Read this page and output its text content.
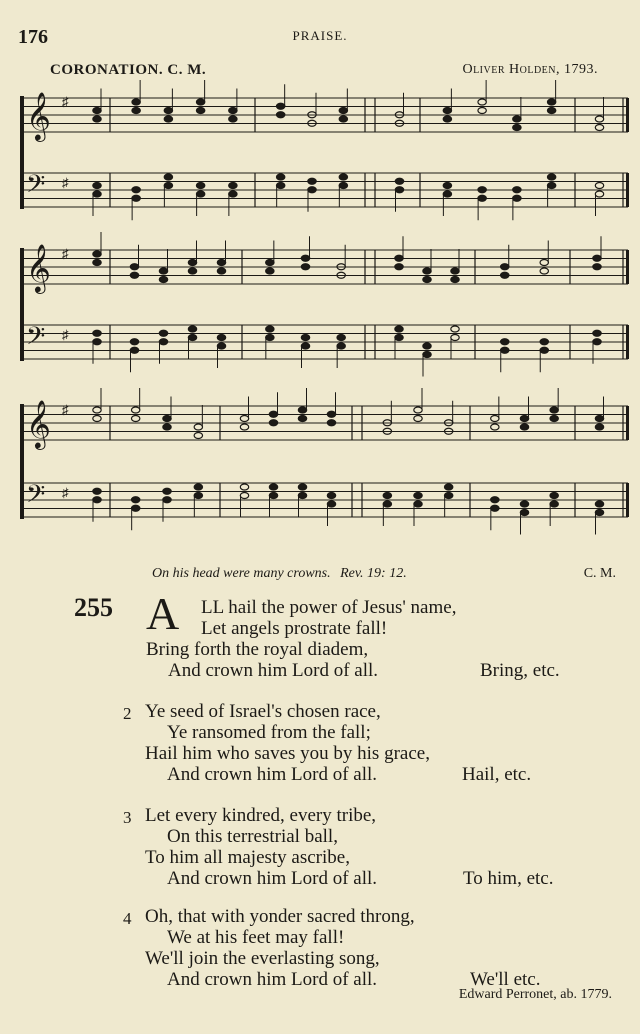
176	PRAISE.
CORONATION. C. M.	Oliver Holden, 1793.
𝄞 ♯
𝄢 ♯
𝄞 ♯
𝄢 ♯
𝄞 ♯
𝄢 ♯
On his head were many crowns. Rev. 19: 12.	C. M.
255 A LL hail the power of Jesus' name,
Let angels prostrate fall!
Bring forth the royal diadem,
And crown him Lord of all.	Bring, etc.
2 Ye seed of Israel's chosen race,
Ye ransomed from the fall;
Hail him who saves you by his grace,
And crown him Lord of all.	Hail, etc.
3 Let every kindred, every tribe,
On this terrestrial ball,
To him all majesty ascribe,
And crown him Lord of all.	To him, etc.
4 Oh, that with yonder sacred throng,
We at his feet may fall!
We'll join the everlasting song,
And crown him Lord of all.	We'll etc.
Edward Perronet, ab. 1779.
